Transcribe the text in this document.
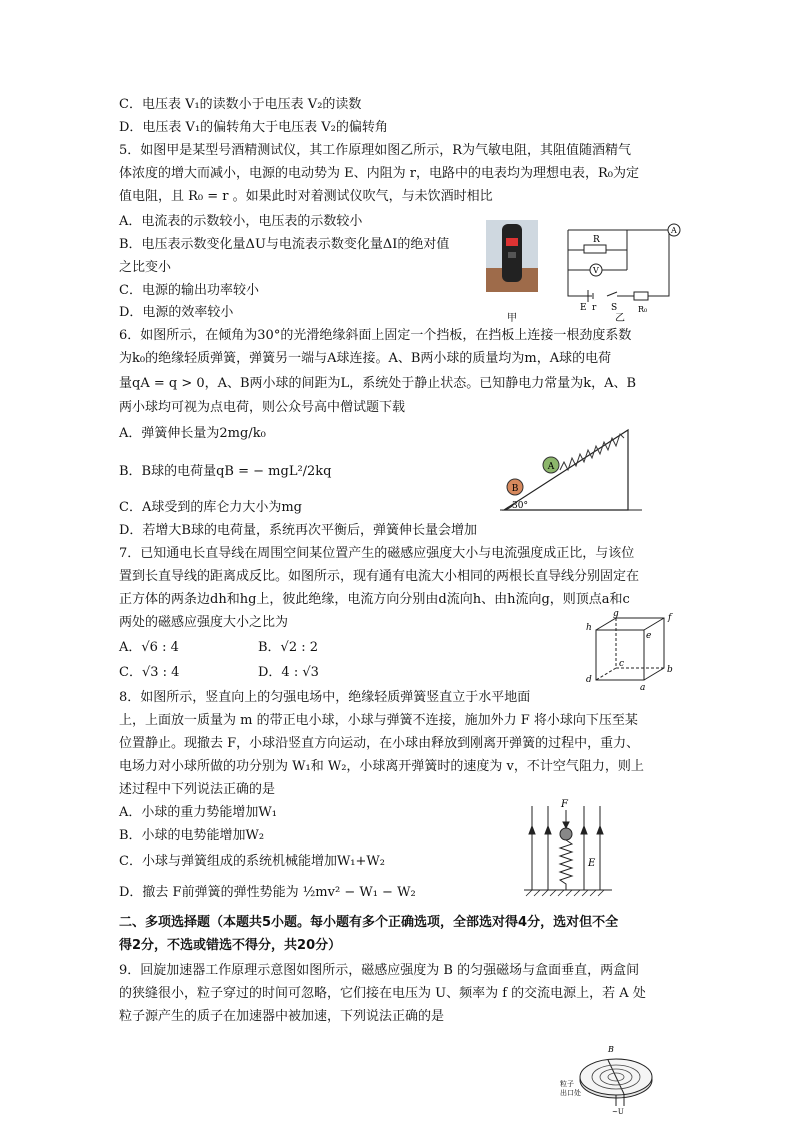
C．电压表 V₁的读数小于电压表 V₂的读数
D．电压表 V₁的偏转角大于电压表 V₂的偏转角
5．如图甲是某型号酒精测试仪，其工作原理如图乙所示，R为气敏电阻，其阻值随酒精气
体浓度的增大而减小，电源的电动势为 E、内阻为 r，电路中的电表均为理想电表，R₀为定
值电阻，且 R₀ = r 。如果此时对着测试仪吹气，与未饮酒时相比
A．电流表的示数较小，电压表的示数较小
B．电压表示数变化量ΔU与电流表示数变化量ΔI的绝对值
之比变小
C．电源的输出功率较小
D．电源的效率较小
6．如图所示，在倾角为30°的光滑绝缘斜面上固定一个挡板，在挡板上连接一根劲度系数
为k₀的绝缘轻质弹簧，弹簧另一端与A球连接。A、B两小球的质量均为m，A球的电荷
量qA = q > 0，A、B两小球的间距为L，系统处于静止状态。已知静电力常量为k，A、B
两小球均可视为点电荷，则公众号高中僧试题下载
A．弹簧伸长量为2mg/k₀
B．B球的电荷量qB = − mgL²/2kq
C．A球受到的库仑力大小为mg
D．若增大B球的电荷量，系统再次平衡后，弹簧伸长量会增加
7．已知通电长直导线在周围空间某位置产生的磁感应强度大小与电流强度成正比，与该位
置到长直导线的距离成反比。如图所示，现有通有电流大小相同的两根长直导线分别固定在
正方体的两条边dh和hg上，彼此绝缘，电流方向分别由d流向h、由h流向g，则顶点a和c
两处的磁感应强度大小之比为
A．√6 : 4	B．√2 : 2
C．√3 : 4	D．4 : √3
8．如图所示，竖直向上的匀强电场中，绝缘轻质弹簧竖直立于水平地面
上，上面放一质量为 m 的带正电小球，小球与弹簧不连接，施加外力 F 将小球向下压至某
位置静止。现撤去 F，小球沿竖直方向运动，在小球由释放到刚离开弹簧的过程中，重力、
电场力对小球所做的功分别为 W₁和 W₂，小球离开弹簧时的速度为 v，不计空气阻力，则上
述过程中下列说法正确的是
A．小球的重力势能增加W₁
B．小球的电势能增加W₂
C．小球与弹簧组成的系统机械能增加W₁+W₂
D．撤去 F前弹簧的弹性势能为 ½mv² − W₁ − W₂
二、多项选择题（本题共5小题。每小题有多个正确选项，全部选对得4分，选对但不全
得2分，不选或错选不得分，共20分）
9．回旋加速器工作原理示意图如图所示，磁感应强度为 B 的匀强磁场与盒面垂直，两盒间
的狭缝很小，粒子穿过的时间可忽略，它们接在电压为 U、频率为 f 的交流电源上，若 A 处
粒子源产生的质子在加速器中被加速，下列说法正确的是
R
A
V
E r S	R₀
甲	乙
A
B
30°
h
g	f
e
c
b
d
a
F
E
B
粒子
出口处
~U
